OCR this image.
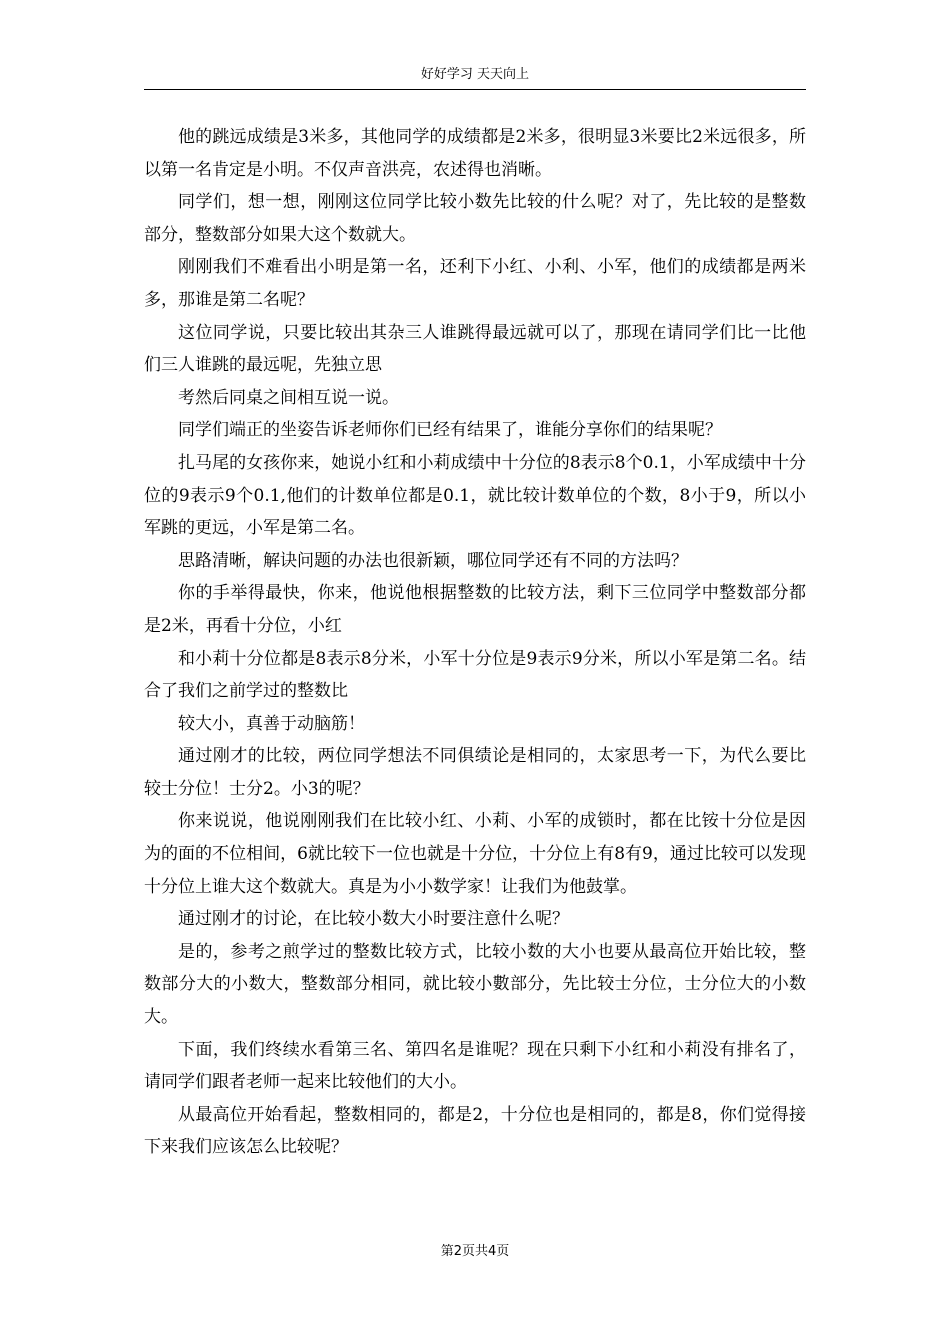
好好学习 天天向上

他的跳远成绩是3米多，其他同学的成绩都是2米多，很明显3米要比2米远很多，所以第一名肯定是小明。不仅声音洪亮，农述得也消晰。

同学们，想一想，刚刚这位同学比较小数先比较的什么呢？对了，先比较的是整数部分，整数部分如果大这个数就大。

刚刚我们不难看出小明是第一名，还利下小红、小利、小军，他们的成绩都是两米多，那谁是第二名呢？

这位同学说，只要比较出其杂三人谁跳得最远就可以了，那现在请同学们比一比他们三人谁跳的最远呢，先独立思

考然后同桌之间相互说一说。

同学们端正的坐姿告诉老师你们已经有结果了，谁能分享你们的结果呢？

扎马尾的女孩你来，她说小红和小莉成绩中十分位的8表示8个0.1，小军成绩中十分位的9表示9个0.1,他们的计数单位都是0.1，就比较计数单位的个数，8小于9，所以小军跳的更远，小军是第二名。

思路清晰，解诀问题的办法也很新颖，哪位同学还有不同的方法吗？

你的手举得最快，你来，他说他根据整数的比较方法，剩下三位同学中整数部分都是2米，再看十分位，小红

和小莉十分位都是8表示8分米，小军十分位是9表示9分米，所以小军是第二名。结合了我们之前学过的整数比

较大小，真善于动脑筋！

通过刚才的比较，两位同学想法不同俱绩论是相同的，太家思考一下，为代么要比较士分位！士分2。小3的呢？

你来说说，他说刚刚我们在比较小红、小莉、小军的成锁时，都在比铵十分位是因为的面的不位相间，6就比较下一位也就是十分位，十分位上有8有9，通过比较可以发现十分位上谁大这个数就大。真是为小小数学家！让我们为他鼓掌。

通过刚才的讨论，在比较小数大小时要注意什么呢？

是的，参考之煎学过的整数比较方式，比较小数的大小也要从最高位开始比较，整数部分大的小数大，整数部分相同，就比较小數部分，先比较士分位，士分位大的小数大。

下面，我们终续水看第三名、第四名是谁呢？现在只剩下小红和小莉没有排名了，请同学们跟者老师一起来比较他们的大小。

从最高位开始看起，整数相同的，都是2，十分位也是相同的，都是8，你们觉得接下来我们应该怎么比较呢？

第2页共4页
